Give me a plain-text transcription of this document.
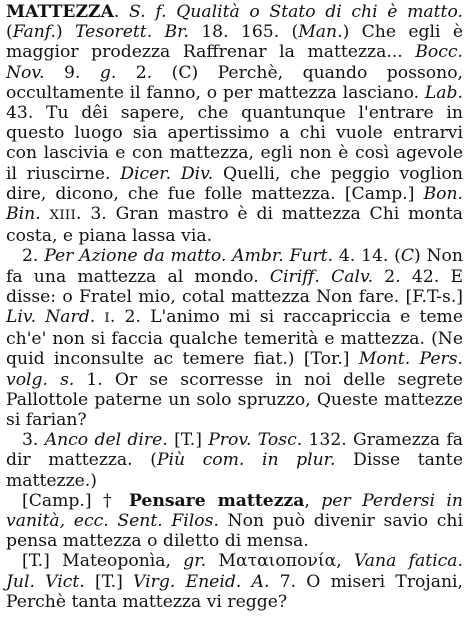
MATTEZZA. S. f. Qualità o Stato di chi è matto. (Fanf.) Tesorett. Br. 18. 165. (Man.) Che egli è maggior prodezza Raffrenar la mattezza... Bocc. Nov. 9. g. 2. (C) Perchè, quando possono, occultamente il fanno, o per mattezza lasciano. Lab. 43. Tu dêi sapere, che quantunque l'entrare in questo luogo sia apertissimo a chi vuole entrarvi con lascivia e con mattezza, egli non è così agevole il riuscirne. Dicer. Div. Quelli, che peggio voglion dire, dicono, che fue folle mattezza. [Camp.] Bon. Bin. XIII. 3. Gran mastro è di mattezza Chi monta costa, e piana lassa via.

2. Per Azione da matto. Ambr. Furt. 4. 14. (C) Non fa una mattezza al mondo. Ciriff. Calv. 2. 42. E disse: o Fratel mio, cotal mattezza Non fare. [F.T-s.] Liv. Nard. I. 2. L'animo mi si raccapriccia e teme ch'e' non si faccia qualche temerità e mattezza. (Ne quid inconsulte ac temere fiat.) [Tor.] Mont. Pers. volg. s. 1. Or se scorresse in noi delle segrete Pallottole paterne un solo spruzzo, Queste mattezze si farian?

3. Anco del dire. [T.] Prov. Tosc. 132. Gramezza fa dir mattezza. (Più com. in plur. Disse tante mattezze.)

[Camp.] † Pensare mattezza, per Perdersi in vanità, ecc. Sent. Filos. Non può divenir savio chi pensa mattezza o diletto di mensa.

[T.] Mateoponìa, gr. Ματαιοπονία, Vana fatica. Jul. Vict. [T.] Virg. Eneid. A. 7. O miseri Trojani, Perchè tanta mattezza vi regge?
